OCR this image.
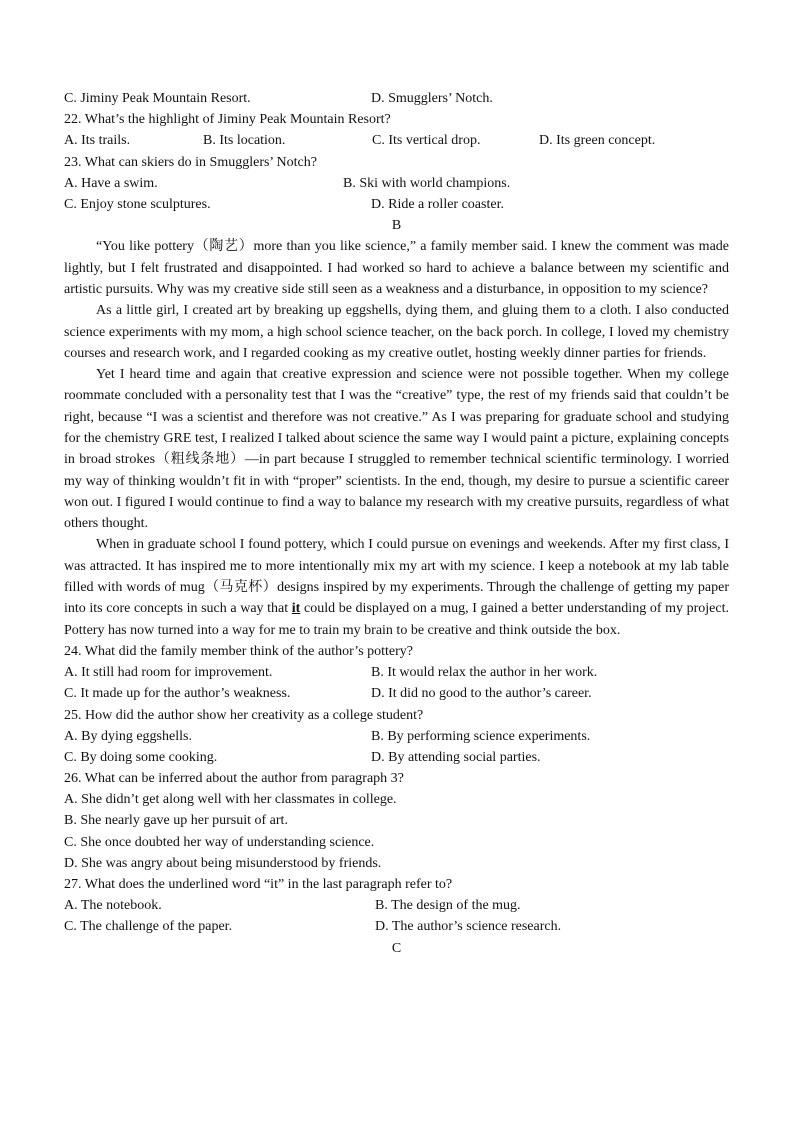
C. Jiminy Peak Mountain Resort.	D. Smugglers’ Notch.
22. What’s the highlight of Jiminy Peak Mountain Resort?
A. Its trails.	B. Its location.	C. Its vertical drop.	D. Its green concept.
23. What can skiers do in Smugglers’ Notch?
A. Have a swim.	B. Ski with world champions.
C. Enjoy stone sculptures.	D. Ride a roller coaster.
B

“You like pottery（陶艺）more than you like science,” a family member said. I knew the comment was made lightly, but I felt frustrated and disappointed. I had worked so hard to achieve a balance between my scientific and artistic pursuits. Why was my creative side still seen as a weakness and a disturbance, in opposition to my science?

As a little girl, I created art by breaking up eggshells, dying them, and gluing them to a cloth. I also conducted science experiments with my mom, a high school science teacher, on the back porch. In college, I loved my chemistry courses and research work, and I regarded cooking as my creative outlet, hosting weekly dinner parties for friends.

Yet I heard time and again that creative expression and science were not possible together. When my college roommate concluded with a personality test that I was the “creative” type, the rest of my friends said that couldn’t be right, because “I was a scientist and therefore was not creative.” As I was preparing for graduate school and studying for the chemistry GRE test, I realized I talked about science the same way I would paint a picture, explaining concepts in broad strokes（粗线条地）—in part because I struggled to remember technical scientific terminology. I worried my way of thinking wouldn’t fit in with “proper” scientists. In the end, though, my desire to pursue a scientific career won out. I figured I would continue to find a way to balance my research with my creative pursuits, regardless of what others thought.

When in graduate school I found pottery, which I could pursue on evenings and weekends. After my first class, I was attracted. It has inspired me to more intentionally mix my art with my science. I keep a notebook at my lab table filled with words of mug（马克杯）designs inspired by my experiments. Through the challenge of getting my paper into its core concepts in such a way that it could be displayed on a mug, I gained a better understanding of my project. Pottery has now turned into a way for me to train my brain to be creative and think outside the box.

24. What did the family member think of the author’s pottery?
A. It still had room for improvement.	B. It would relax the author in her work.
C. It made up for the author’s weakness.	D. It did no good to the author’s career.
25. How did the author show her creativity as a college student?
A. By dying eggshells.	B. By performing science experiments.
C. By doing some cooking.	D. By attending social parties.
26. What can be inferred about the author from paragraph 3?
A. She didn’t get along well with her classmates in college.
B. She nearly gave up her pursuit of art.
C. She once doubted her way of understanding science.
D. She was angry about being misunderstood by friends.
27. What does the underlined word “it” in the last paragraph refer to?
A. The notebook.	B. The design of the mug.
C. The challenge of the paper.	D. The author’s science research.
C
